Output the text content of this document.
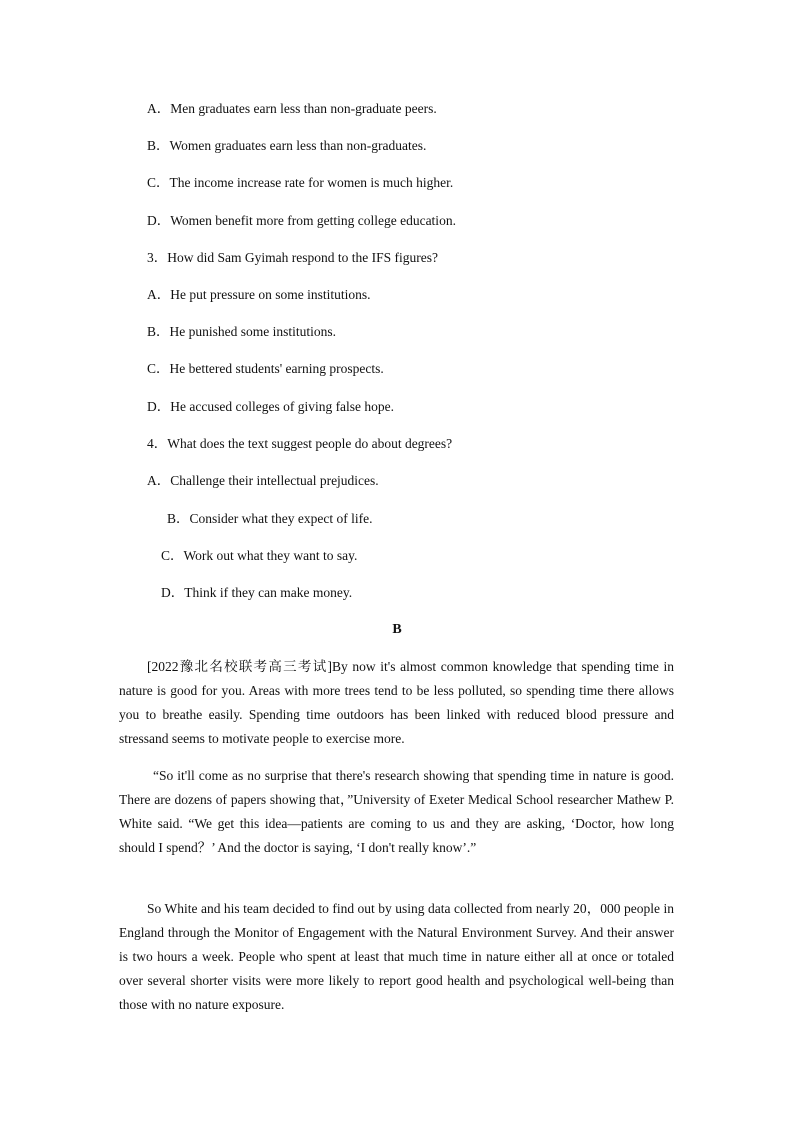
A．Men graduates earn less than non-graduate peers.
B．Women graduates earn less than non-graduates.
C．The income increase rate for women is much higher.
D．Women benefit more from getting college education.
3．How did Sam Gyimah respond to the IFS figures?
A．He put pressure on some institutions.
B．He punished some institutions.
C．He bettered students' earning prospects.
D．He accused colleges of giving false hope.
4．What does the text suggest people do about degrees?
A．Challenge their intellectual prejudices.
B．Consider what they expect of life.
C．Work out what they want to say.
D．Think if they can make money.
B
[2022豫北名校联考高三考试]By now it's almost common knowledge that spending time in nature is good for you. Areas with more trees tend to be less polluted, so spending time there allows you to breathe easily. Spending time outdoors has been linked with reduced blood pressure and stressand seems to motivate people to exercise more.
“So it'll come as no surprise that there's research showing that spending time in nature is good. There are dozens of papers showing that，”University of Exeter Medical School researcher Mathew P. White said. “We get this idea—patients are coming to us and they are asking, ‘Doctor, how long should I spend？’ And the doctor is saying, ‘I don't really know’.”
So White and his team decided to find out by using data collected from nearly 20，000 people in England through the Monitor of Engagement with the Natural Environment Survey. And their answer is two hours a week. People who spent at least that much time in nature either all at once or totaled over several shorter visits were more likely to report good health and psychological well-being than those with no nature exposure.
